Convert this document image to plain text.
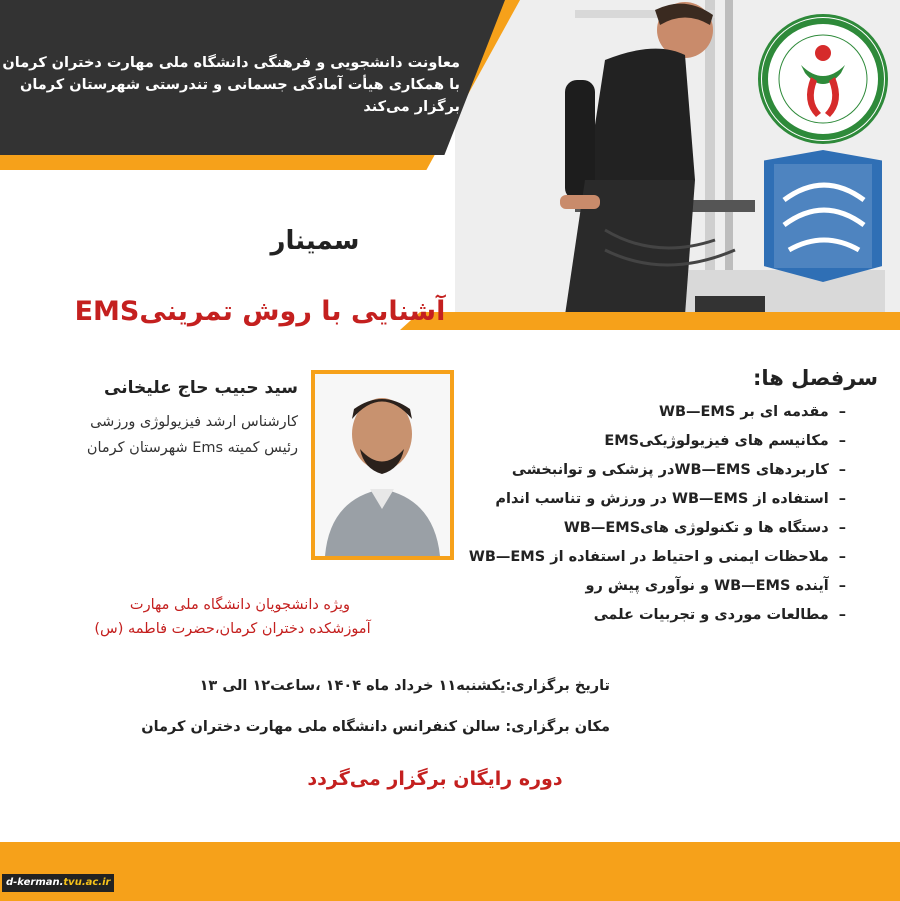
معاونت دانشجویی و فرهنگی دانشگاه ملی مهارت دختران کرمان
با همکاری هیأت آمادگی جسمانی و تندرستی شهرستان کرمان
برگزار می‌کند
سمینار
آشنایی با روش تمرینیEMS
سید حبیب حاج علیخانی
کارشناس ارشد فیزیولوژی ورزشی
رئیس کمیته Ems شهرستان کرمان
ویژه دانشجویان دانشگاه ملی مهارت
آموزشکده دختران کرمان،حضرت فاطمه (س)
سرفصل ها:
–مقدمه ای بر WB—EMS
–مکانیسم های فیزیولوژیکیEMS
–کاربردهای WB—EMSدر پزشکی و توانبخشی
–استفاده از WB—EMS در ورزش و تناسب اندام
–دستگاه ها و تکنولوژی هایWB—EMS
–ملاحظات ایمنی و احتیاط در استفاده از WB—EMS
–آینده WB—EMS و نوآوری پیش رو
–مطالعات موردی و تجربیات علمی
تاریخ برگزاری:یکشنبه۱۱ خرداد ماه ۱۴۰۴ ،ساعت۱۲ الی ۱۳
مکان برگزاری: سالن کنفرانس دانشگاه ملی مهارت دختران کرمان
دوره رایگان برگزار می‌گردد
d-kerman.tvu.ac.ir
